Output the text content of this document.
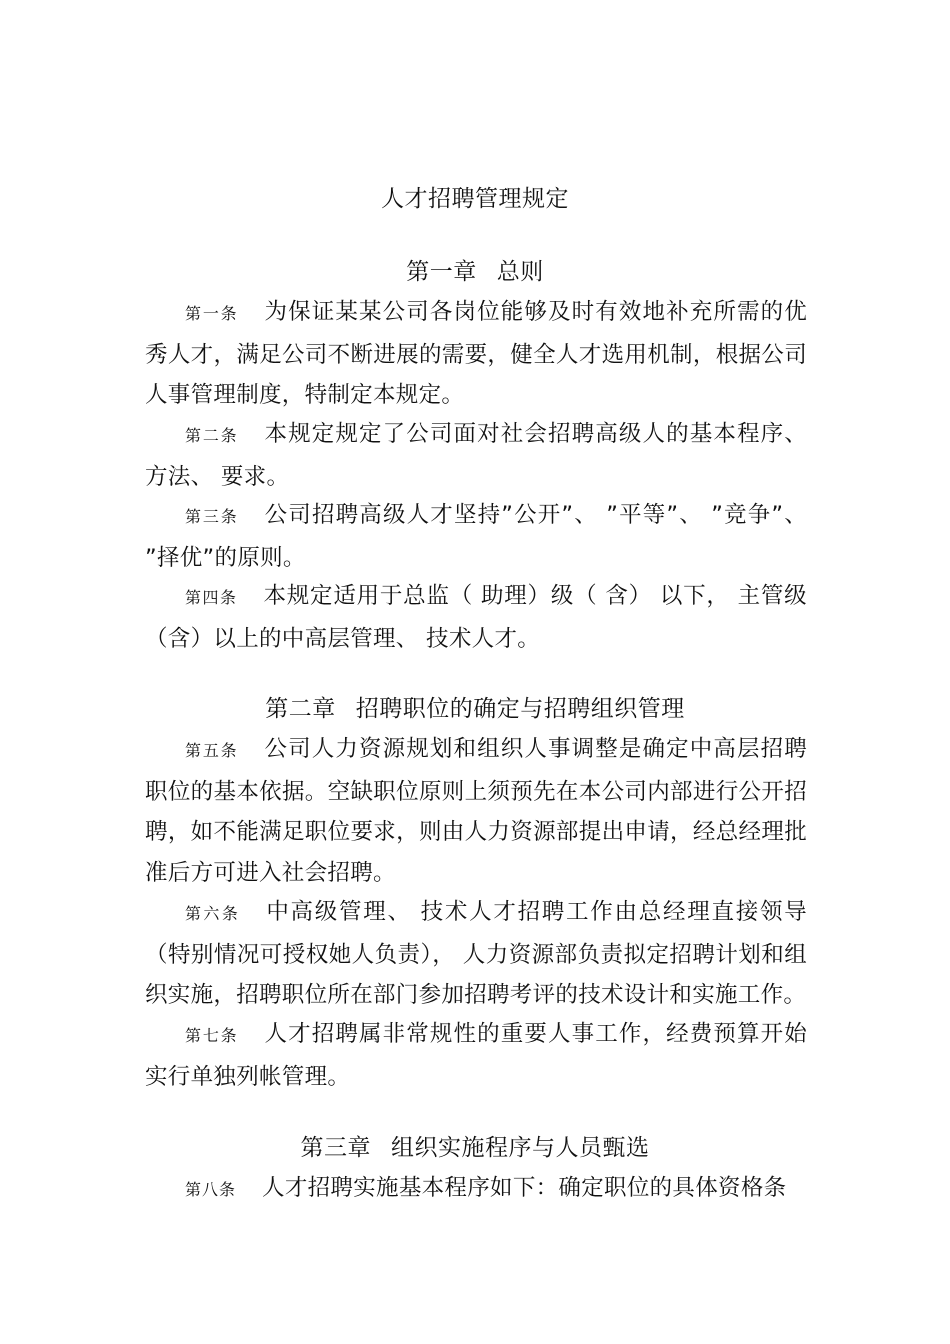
人才招聘管理规定
第一章 总则
第一条 为保证某某公司各岗位能够及时有效地补充所需的优秀人才，满足公司不断进展的需要，健全人才选用机制，根据公司人事管理制度，特制定本规定。
第二条 本规定规定了公司面对社会招聘高级人的基本程序、方法、 要求。
第三条 公司招聘高级人才坚持”公开”、 ”平等”、 ”竞争”、 ”择优”的原则。
第四条 本规定适用于总监（ 助理）级（ 含） 以下， 主管级（含）以上的中高层管理、 技术人才。
第二章 招聘职位的确定与招聘组织管理
第五条 公司人力资源规划和组织人事调整是确定中高层招聘职位的基本依据。空缺职位原则上须预先在本公司内部进行公开招聘，如不能满足职位要求，则由人力资源部提出申请，经总经理批准后方可进入社会招聘。
第六条 中高级管理、 技术人才招聘工作由总经理直接领导（特别情况可授权她人负责）， 人力资源部负责拟定招聘计划和组织实施，招聘职位所在部门参加招聘考评的技术设计和实施工作。
第七条 人才招聘属非常规性的重要人事工作，经费预算开始实行单独列帐管理。
第三章 组织实施程序与人员甄选
第八条 人才招聘实施基本程序如下：确定职位的具体资格条
